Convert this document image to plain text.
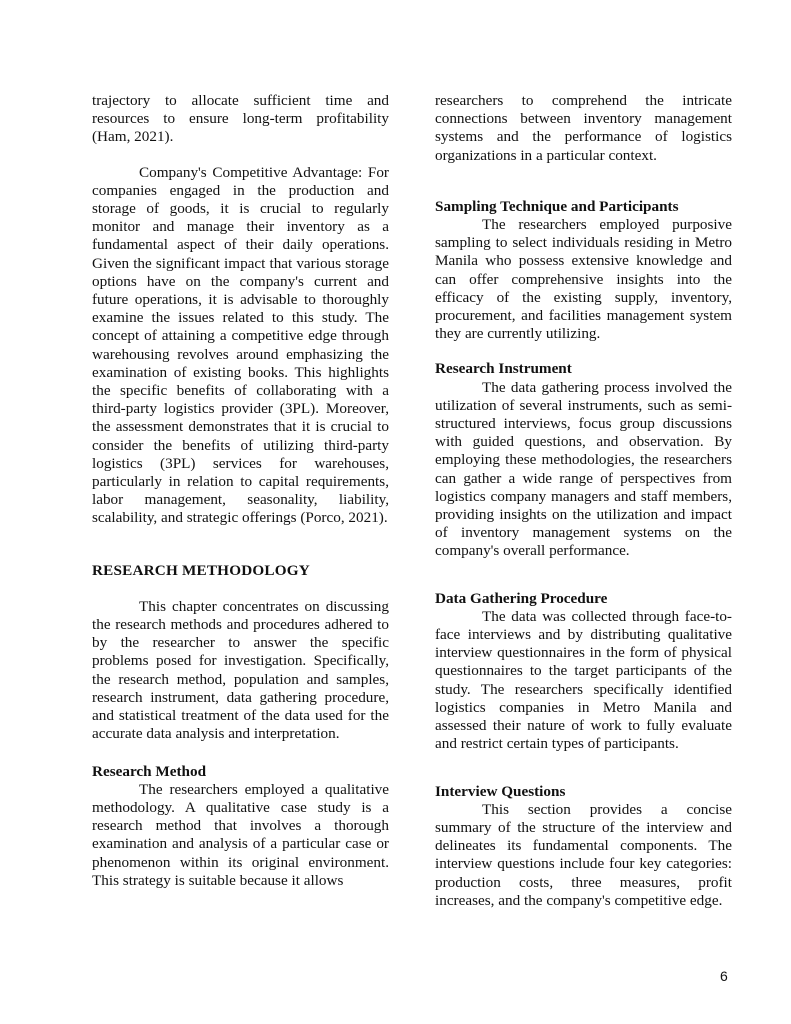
trajectory to allocate sufficient time and resources to ensure long-term profitability (Ham, 2021).

Company's Competitive Advantage: For companies engaged in the production and storage of goods, it is crucial to regularly monitor and manage their inventory as a fundamental aspect of their daily operations. Given the significant impact that various storage options have on the company's current and future operations, it is advisable to thoroughly examine the issues related to this study. The concept of attaining a competitive edge through warehousing revolves around emphasizing the examination of existing books. This highlights the specific benefits of collaborating with a third-party logistics provider (3PL). Moreover, the assessment demonstrates that it is crucial to consider the benefits of utilizing third-party logistics (3PL) services for warehouses, particularly in relation to capital requirements, labor management, seasonality, liability, scalability, and strategic offerings (Porco, 2021).

RESEARCH METHODOLOGY

This chapter concentrates on discussing the research methods and procedures adhered to by the researcher to answer the specific problems posed for investigation. Specifically, the research method, population and samples, research instrument, data gathering procedure, and statistical treatment of the data used for the accurate data analysis and interpretation.

Research Method

The researchers employed a qualitative methodology. A qualitative case study is a research method that involves a thorough examination and analysis of a particular case or phenomenon within its original environment. This strategy is suitable because it allows

researchers to comprehend the intricate connections between inventory management systems and the performance of logistics organizations in a particular context.

Sampling Technique and Participants

The researchers employed purposive sampling to select individuals residing in Metro Manila who possess extensive knowledge and can offer comprehensive insights into the efficacy of the existing supply, inventory, procurement, and facilities management system they are currently utilizing.

Research Instrument

The data gathering process involved the utilization of several instruments, such as semi-structured interviews, focus group discussions with guided questions, and observation. By employing these methodologies, the researchers can gather a wide range of perspectives from logistics company managers and staff members, providing insights on the utilization and impact of inventory management systems on the company's overall performance.

Data Gathering Procedure

The data was collected through face-to-face interviews and by distributing qualitative interview questionnaires in the form of physical questionnaires to the target participants of the study. The researchers specifically identified logistics companies in Metro Manila and assessed their nature of work to fully evaluate and restrict certain types of participants.

Interview Questions

This section provides a concise summary of the structure of the interview and delineates its fundamental components. The interview questions include four key categories: production costs, three measures, profit increases, and the company's competitive edge.

6
